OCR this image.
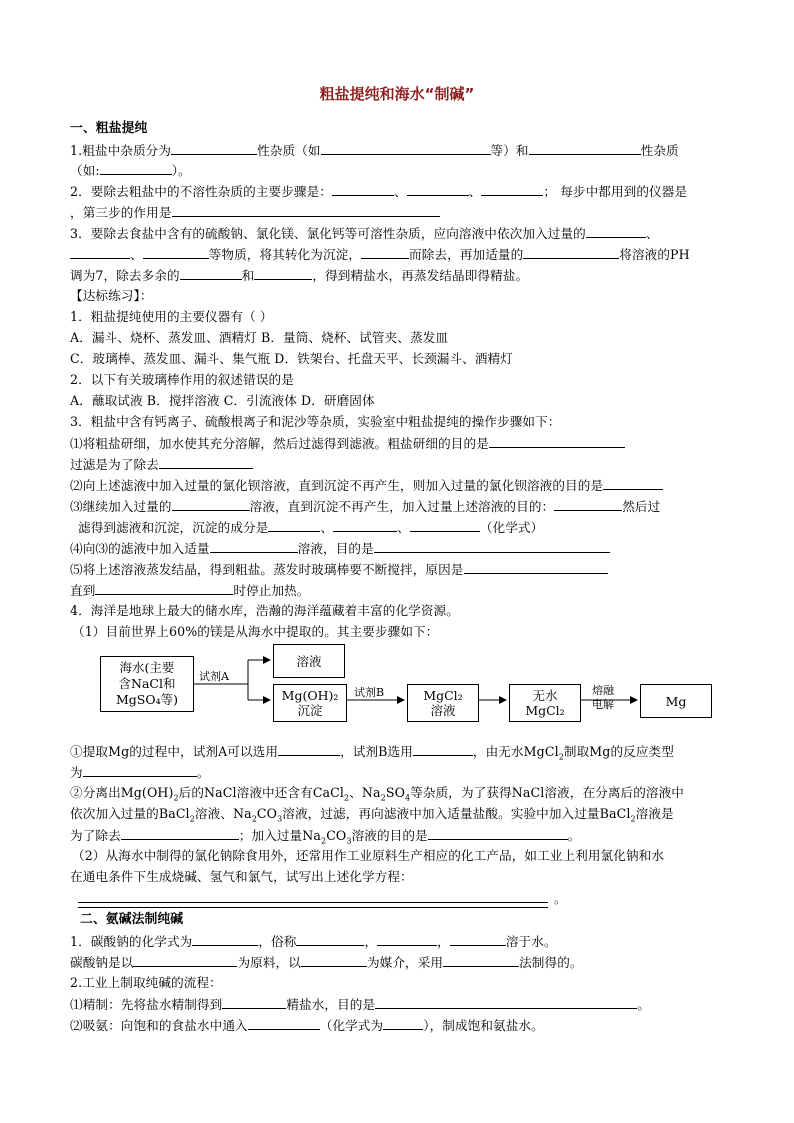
粗盐提纯和海水“制碱”
一、粗盐提纯
1.粗盐中杂质分为	性杂质（如	等）和	性杂质
（如:	）。
2．要除去粗盐中的不溶性杂质的主要步骤是：	、	、	； 每步中都用到的仪器是
，第三步的作用是
3．要除去食盐中含有的硫酸钠、氯化镁、氯化钙等可溶性杂质，应向溶液中依次加入过量的	、
、	等物质，将其转化为沉淀，	而除去，再加适量的	将溶液的PH
调为7，除去多余的	和	，得到精盐水，再蒸发结晶即得精盐。
【达标练习】：
1．粗盐提纯使用的主要仪器有（ ）
A．漏斗、烧杯、蒸发皿、酒精灯 B．量筒、烧杯、试管夹、蒸发皿
C．玻璃棒、蒸发皿、漏斗、集气瓶 D．铁架台、托盘天平、长颈漏斗、酒精灯
2．以下有关玻璃棒作用的叙述错误的是
A．蘸取试液 B．搅拌溶液 C．引流液体 D．研磨固体
3．粗盐中含有钙离子、硫酸根离子和泥沙等杂质，实验室中粗盐提纯的操作步骤如下：
⑴将粗盐研细，加水使其充分溶解，然后过滤得到滤液。粗盐研细的目的是
过滤是为了除去
⑵向上述滤液中加入过量的氯化钡溶液，直到沉淀不再产生，则加入过量的氯化钡溶液的目的是
⑶继续加入过量的	溶液，直到沉淀不再产生，加入过量上述溶液的目的：	然后过
滤得到滤液和沉淀，沉淀的成分是	、	、	（化学式）
⑷向⑶的滤液中加入适量	溶液，目的是
⑸将上述溶液蒸发结晶，得到粗盐。蒸发时玻璃棒要不断搅拌，原因是
直到	时停止加热。
4．海洋是地球上最大的储水库，浩瀚的海洋蕴藏着丰富的化学资源。
（1）目前世界上60%的镁是从海水中提取的。其主要步骤如下：
海水(主要
含NaCl和
MgSO₄等)
试剂A
溶液
Mg(OH)₂
沉淀
试剂B	MgCl₂
溶液
无水
MgCl₂
熔融
电解	Mg
①提取Mg的过程中，试剂A可以选用	，试剂B选用	，由无水MgCl$_2$制取Mg的反应类型
为	。
②分离出$Mg(OH)_2$后的NaCl溶液中还含有CaCl$_2$、$Na_2SO_4$等杂质，为了获得NaCl溶液，在分离后的溶液中
依次加入过量的BaCl$_2$溶液、$Na_2CO_3$溶液，过滤，再向滤液中加入适量盐酸。实验中加入过量BaCl$_2$溶液是
为了除去	；加入过量$Na_2CO_3$溶液的目的是	。
（2）从海水中制得的氯化钠除食用外，还常用作工业原料生产相应的化工产品，如工业上利用氯化钠和水
在通电条件下生成烧碱、氢气和氯气，试写出上述化学方程：
。
二、氨碱法制纯碱
1．碳酸钠的化学式为	，俗称	，	，	溶于水。
碳酸钠是以	为原料，以	为媒介，采用	法制得的。
2.工业上制取纯碱的流程：
⑴精制：先将盐水精制得到	精盐水，目的是	。
⑵吸氨：向饱和的食盐水中通入	（化学式为	），制成饱和氨盐水。
